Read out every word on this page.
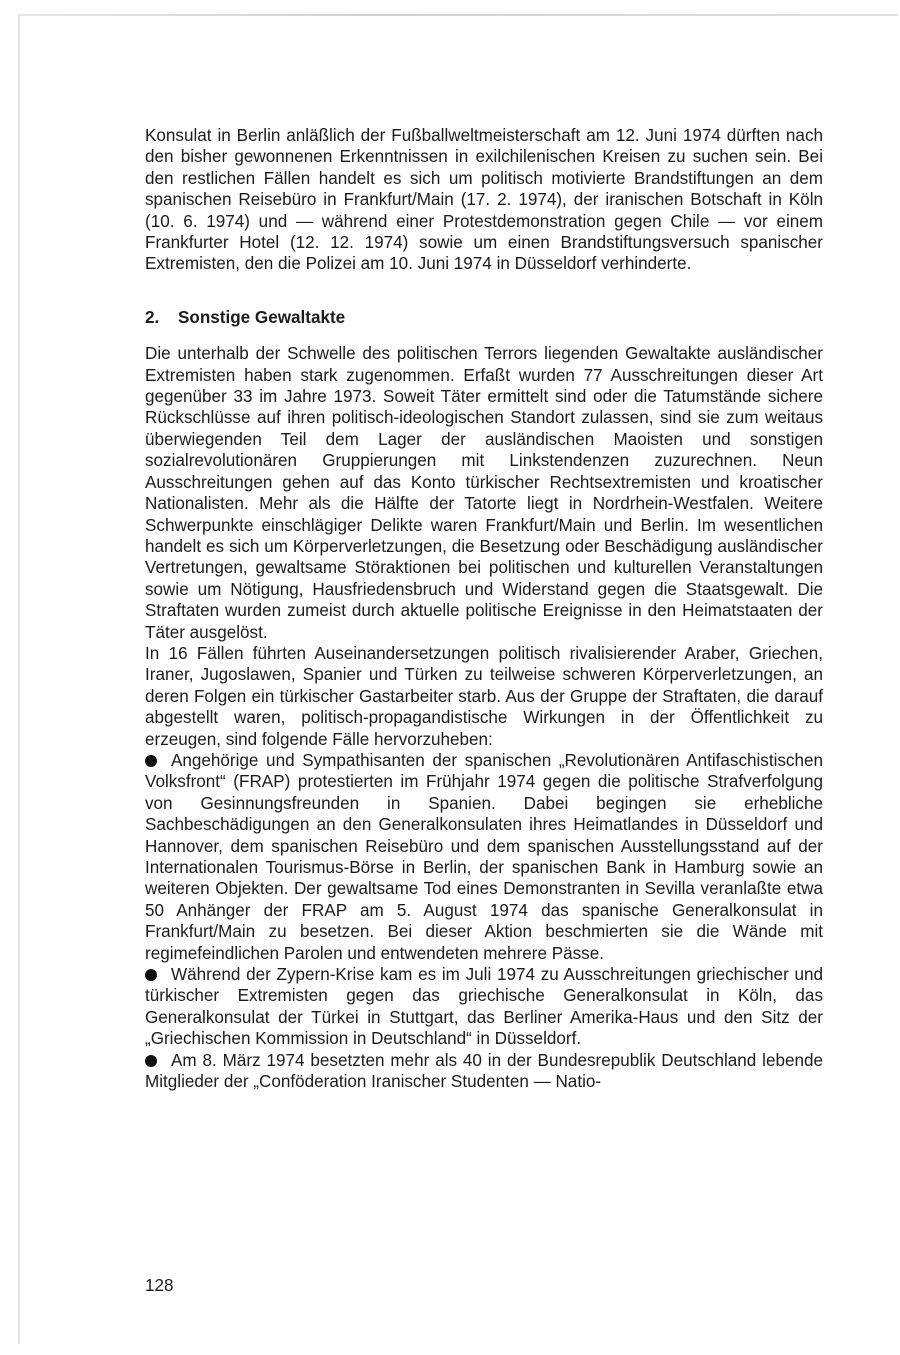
Konsulat in Berlin anläßlich der Fußballweltmeisterschaft am 12. Juni 1974 dürften nach den bisher gewonnenen Erkenntnissen in exilchilenischen Kreisen zu suchen sein. Bei den restlichen Fällen handelt es sich um politisch motivierte Brandstiftungen an dem spanischen Reisebüro in Frankfurt/Main (17. 2. 1974), der iranischen Botschaft in Köln (10. 6. 1974) und — während einer Protestdemonstration gegen Chile — vor einem Frankfurter Hotel (12. 12. 1974) sowie um einen Brandstiftungsversuch spanischer Extremisten, den die Polizei am 10. Juni 1974 in Düsseldorf verhinderte.

2. Sonstige Gewaltakte

Die unterhalb der Schwelle des politischen Terrors liegenden Gewaltakte ausländischer Extremisten haben stark zugenommen. Erfaßt wurden 77 Ausschreitungen dieser Art gegenüber 33 im Jahre 1973. Soweit Täter ermittelt sind oder die Tatumstände sichere Rückschlüsse auf ihren politisch-ideologischen Standort zulassen, sind sie zum weitaus überwiegenden Teil dem Lager der ausländischen Maoisten und sonstigen sozialrevolutionären Gruppierungen mit Linkstendenzen zuzurechnen. Neun Ausschreitungen gehen auf das Konto türkischer Rechtsextremisten und kroatischer Nationalisten. Mehr als die Hälfte der Tatorte liegt in Nordrhein-Westfalen. Weitere Schwerpunkte einschlägiger Delikte waren Frankfurt/Main und Berlin. Im wesentlichen handelt es sich um Körperverletzungen, die Besetzung oder Beschädigung ausländischer Vertretungen, gewaltsame Störaktionen bei politischen und kulturellen Veranstaltungen sowie um Nötigung, Hausfriedensbruch und Widerstand gegen die Staatsgewalt. Die Straftaten wurden zumeist durch aktuelle politische Ereignisse in den Heimatstaaten der Täter ausgelöst.

In 16 Fällen führten Auseinandersetzungen politisch rivalisierender Araber, Griechen, Iraner, Jugoslawen, Spanier und Türken zu teilweise schweren Körperverletzungen, an deren Folgen ein türkischer Gastarbeiter starb. Aus der Gruppe der Straftaten, die darauf abgestellt waren, politisch-propagandistische Wirkungen in der Öffentlichkeit zu erzeugen, sind folgende Fälle hervorzuheben:

Angehörige und Sympathisanten der spanischen „Revolutionären Antifaschistischen Volksfront“ (FRAP) protestierten im Frühjahr 1974 gegen die politische Strafverfolgung von Gesinnungsfreunden in Spanien. Dabei begingen sie erhebliche Sachbeschädigungen an den Generalkonsulaten ihres Heimatlandes in Düsseldorf und Hannover, dem spanischen Reisebüro und dem spanischen Ausstellungsstand auf der Internationalen Tourismus-Börse in Berlin, der spanischen Bank in Hamburg sowie an weiteren Objekten. Der gewaltsame Tod eines Demonstranten in Sevilla veranlaßte etwa 50 Anhänger der FRAP am 5. August 1974 das spanische Generalkonsulat in Frankfurt/Main zu besetzen. Bei dieser Aktion beschmierten sie die Wände mit regimefeindlichen Parolen und entwendeten mehrere Pässe.

Während der Zypern-Krise kam es im Juli 1974 zu Ausschreitungen griechischer und türkischer Extremisten gegen das griechische Generalkonsulat in Köln, das Generalkonsulat der Türkei in Stuttgart, das Berliner Amerika-Haus und den Sitz der „Griechischen Kommission in Deutschland“ in Düsseldorf.

Am 8. März 1974 besetzten mehr als 40 in der Bundesrepublik Deutschland lebende Mitglieder der „Conföderation Iranischer Studenten — Natio-

128
